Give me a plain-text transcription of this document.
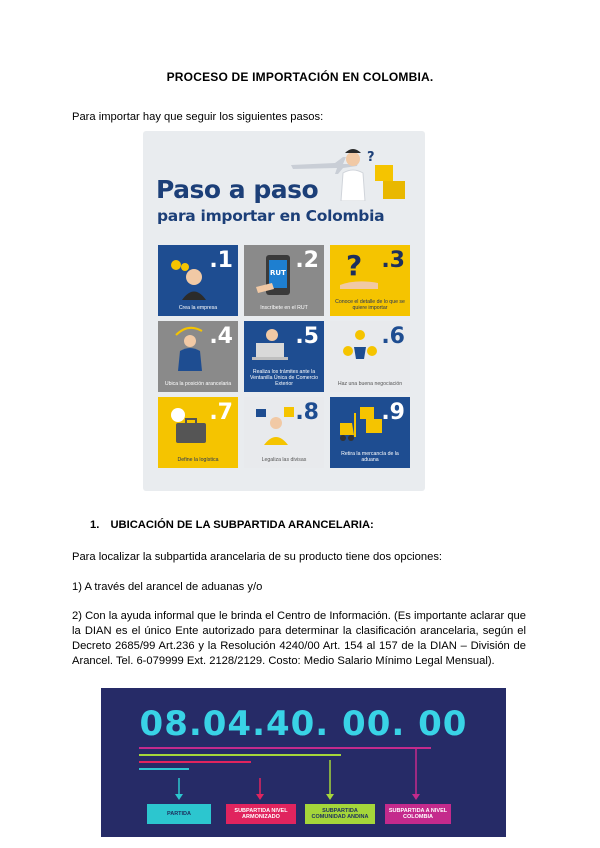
PROCESO DE IMPORTACIÓN EN COLOMBIA.
Para importar hay que seguir los siguientes pasos:
?
Paso a paso
para importar en Colombia
.1
Crea la empresa
RUT .2
Inscríbete en el RUT
? .3
Conoce el detalle de lo que se quiere importar
.4
Ubica la posición arancelaria
.5
Realiza los trámites ante la Ventanilla Única de Comercio Exterior
.6
Haz una buena negociación
.7
Define la logística
.8
Legaliza las divisas
.9
Retira la mercancía de la aduana
1. UBICACIÓN DE LA SUBPARTIDA ARANCELARIA:
Para localizar la subpartida arancelaria de su producto tiene dos opciones:
1) A través del arancel de aduanas y/o
2) Con la ayuda informal que le brinda el Centro de Información. (Es importante aclarar que la DIAN es el único Ente autorizado para determinar la clasificación arancelaria, según el Decreto 2685/99 Art.236 y la Resolución 4240/00 Art. 154 al 157 de la DIAN – División de Arancel. Tel. 6-079999 Ext. 2128/2129. Costo: Medio Salario Mínimo Legal Mensual).
08.04.40. 00. 00
PARTIDA	SUBPARTIDA NIVEL ARMONIZADO
SUBPARTIDA COMUNIDAD ANDINA
SUBPARTIDA A NIVEL COLOMBIA
